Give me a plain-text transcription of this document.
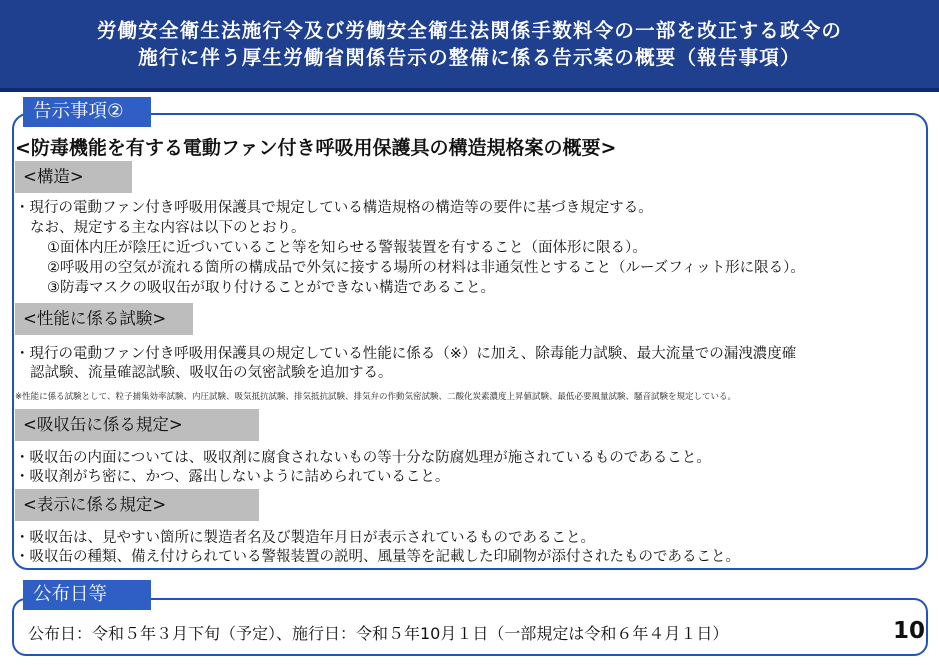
労働安全衛生法施行令及び労働安全衛生法関係手数料令の一部を改正する政令の
施行に伴う厚生労働省関係告示の整備に係る告示案の概要（報告事項）
告示事項②
<防毒機能を有する電動ファン付き呼吸用保護具の構造規格案の概要>
<構造>
・現行の電動ファン付き呼吸用保護具で規定している構造規格の構造等の要件に基づき規定する。
なお、規定する主な内容は以下のとおり。
①面体内圧が陰圧に近づいていること等を知らせる警報装置を有すること（面体形に限る）。
②呼吸用の空気が流れる箇所の構成品で外気に接する場所の材料は非通気性とすること（ルーズフィット形に限る）。
③防毒マスクの吸収缶が取り付けることができない構造であること。
<性能に係る試験>
・現行の電動ファン付き呼吸用保護具の規定している性能に係る（※）に加え、除毒能力試験、最大流量での漏洩濃度確
認試験、流量確認試験、吸収缶の気密試験を追加する。
※性能に係る試験として、粒子捕集効率試験、内圧試験、吸気抵抗試験、排気抵抗試験、排気弁の作動気密試験、二酸化炭素濃度上昇値試験、最低必要風量試験、騒音試験を規定している。
<吸収缶に係る規定>
・吸収缶の内面については、吸収剤に腐食されないもの等十分な防腐処理が施されているものであること。
・吸収剤がち密に、かつ、露出しないように詰められていること。
<表示に係る規定>
・吸収缶は、見やすい箇所に製造者名及び製造年月日が表示されているものであること。
・吸収缶の種類、備え付けられている警報装置の説明、風量等を記載した印刷物が添付されたものであること。
公布日等
公布日：令和５年３月下旬（予定）、施行日：令和５年10月１日（一部規定は令和６年４月１日）	10
